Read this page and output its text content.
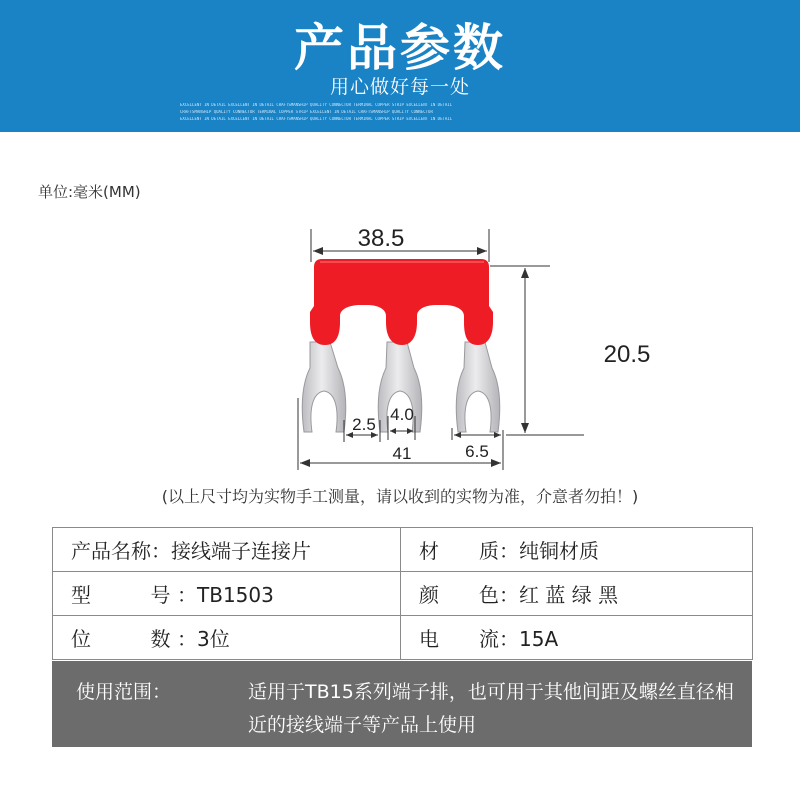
产品参数
用心做好每一处
EXCELLENT IN DETAIL EXCELLENT IN DETAIL CRAFTSMANSHIP QUALITY CONNECTOR TERMINAL COPPER STRIP EXCELLENT IN DETAIL
CRAFTSMANSHIP QUALITY CONNECTOR TERMINAL COPPER STRIP EXCELLENT IN DETAIL CRAFTSMANSHIP QUALITY CONNECTOR
EXCELLENT IN DETAIL EXCELLENT IN DETAIL CRAFTSMANSHIP QUALITY CONNECTOR TERMINAL COPPER STRIP EXCELLENT IN DETAIL
单位:毫米(MM)
38.5
20.5
2.5
4.0
41	6.5
(以上尺寸均为实物手工测量，请以收到的实物为准，介意者勿拍！)
产品名称：接线端子连接片	材　　质：纯铜材质
型　　号：TB1503	颜　　色：红 蓝 绿 黑
位　　数：3位	电　　流：15A
使用范围：	适用于TB15系列端子排，也可用于其他间距及螺丝直径相
近的接线端子等产品上使用
